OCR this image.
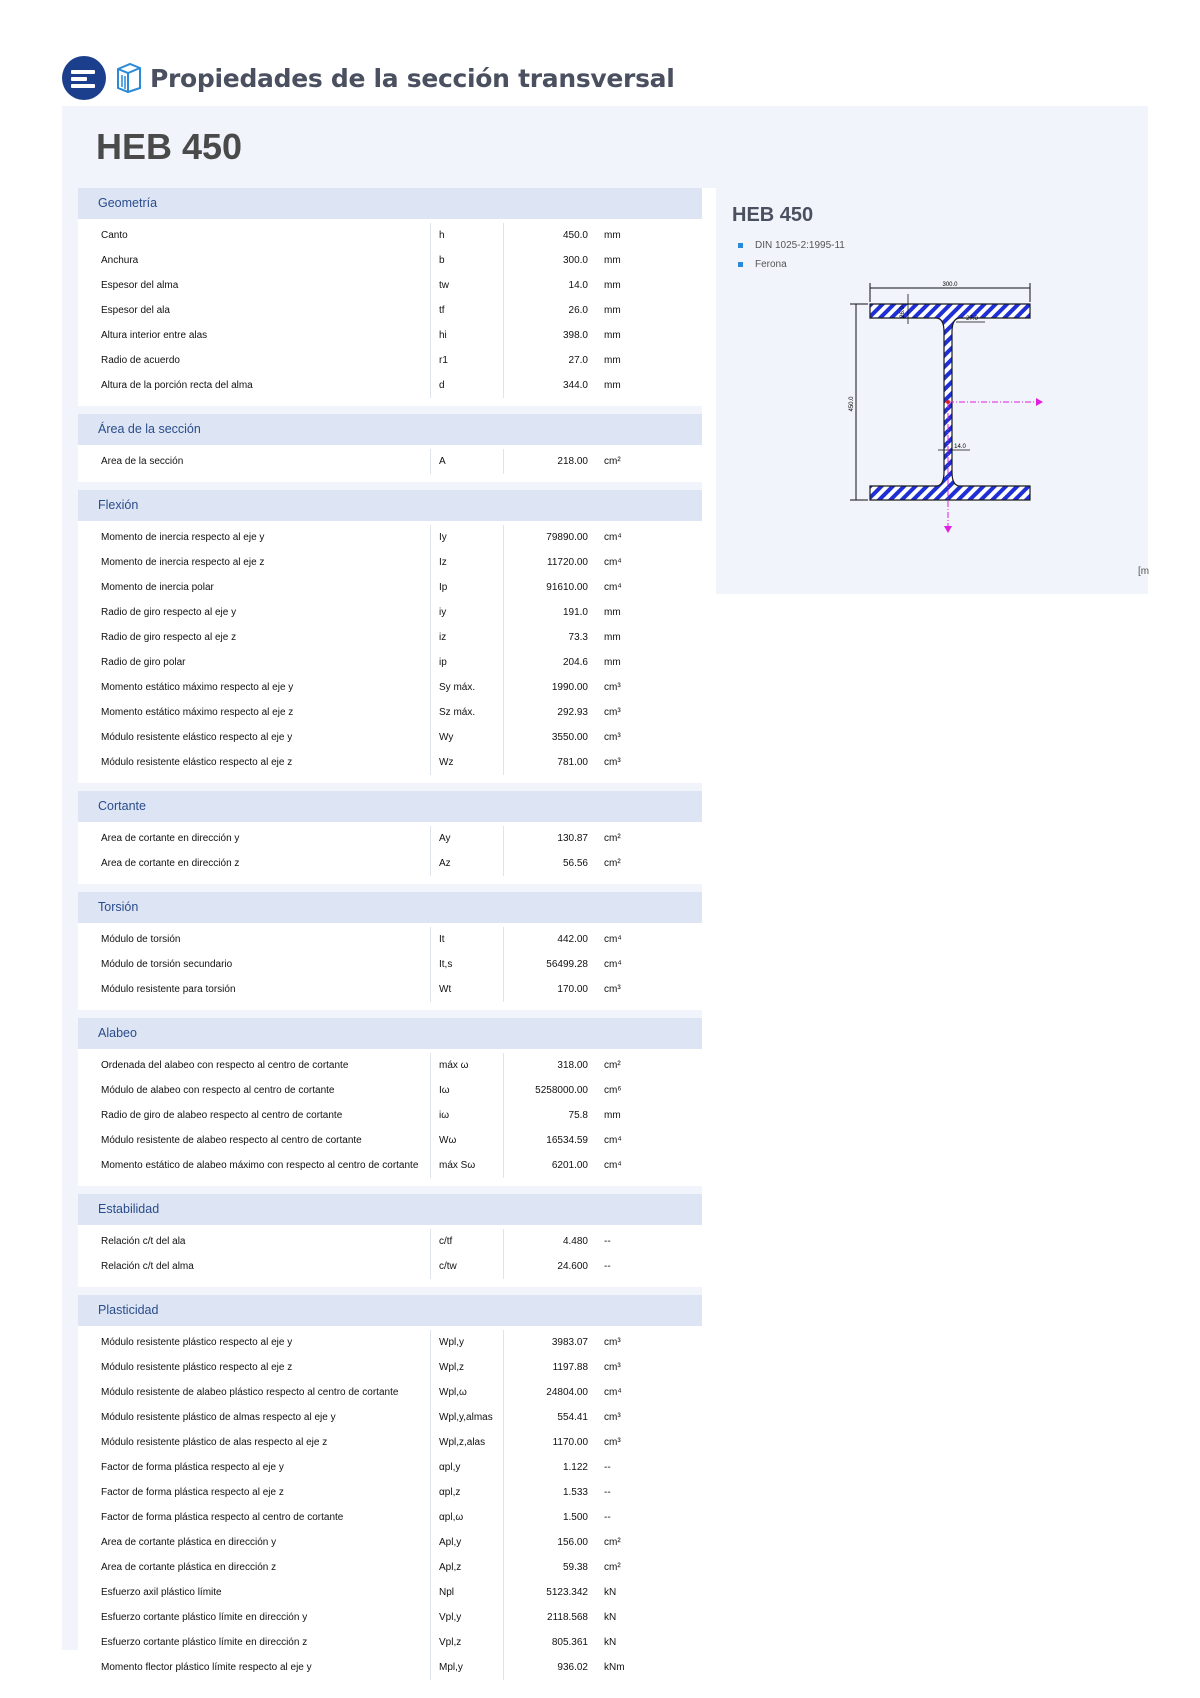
Propiedades de la sección transversal
HEB 450
Geometría
Canto	h	450.0	mm
Anchura	b	300.0	mm
Espesor del alma	tw	14.0	mm
Espesor del ala	tf	26.0	mm
Altura interior entre alas	hi	398.0	mm
Radio de acuerdo	r1	27.0	mm
Altura de la porción recta del alma	d	344.0	mm
Área de la sección
Área de la sección	A	218.00	cm²
Flexión
Momento de inercia respecto al eje y	Iy	79890.00	cm⁴
Momento de inercia respecto al eje z	Iz	11720.00	cm⁴
Momento de inercia polar	Ip	91610.00	cm⁴
Radio de giro respecto al eje y	iy	191.0	mm
Radio de giro respecto al eje z	iz	73.3	mm
Radio de giro polar	ip	204.6	mm
Momento estático máximo respecto al eje y	Sy máx.	1990.00	cm³
Momento estático máximo respecto al eje z	Sz máx.	292.93	cm³
Módulo resistente elástico respecto al eje y	Wy	3550.00	cm³
Módulo resistente elástico respecto al eje z	Wz	781.00	cm³
Cortante
Área de cortante en dirección y	Ay	130.87	cm²
Área de cortante en dirección z	Az	56.56	cm²
Torsión
Módulo de torsión	It	442.00	cm⁴
Módulo de torsión secundario	It,s	56499.28	cm⁴
Módulo resistente para torsión	Wt	170.00	cm³
Alabeo
Ordenada del alabeo con respecto al centro de cortante	máx ω	318.00	cm²
Módulo de alabeo con respecto al centro de cortante	Iω	5258000.00	cm⁶
Radio de giro de alabeo respecto al centro de cortante	iω	75.8	mm
Módulo resistente de alabeo respecto al centro de cortante	Wω	16534.59	cm⁴
Momento estático de alabeo máximo con respecto al centro de cortante	máx Sω	6201.00	cm⁴
Estabilidad
Relación c/t del ala	c/tf	4.480	--
Relación c/t del alma	c/tw	24.600	--
Plasticidad
Módulo resistente plástico respecto al eje y	Wpl,y	3983.07	cm³
Módulo resistente plástico respecto al eje z	Wpl,z	1197.88	cm³
Módulo resistente de alabeo plástico respecto al centro de cortante	Wpl,ω	24804.00	cm⁴
Módulo resistente plástico de almas respecto al eje y	Wpl,y,almas	554.41	cm³
Módulo resistente plástico de alas respecto al eje z	Wpl,z,alas	1170.00	cm³
Factor de forma plástica respecto al eje y	αpl,y	1.122	--
Factor de forma plástica respecto al eje z	αpl,z	1.533	--
Factor de forma plástica respecto al centro de cortante	αpl,ω	1.500	--
Área de cortante plástica en dirección y	Apl,y	156.00	cm²
Área de cortante plástica en dirección z	Apl,z	59.38	cm²
Esfuerzo axil plástico límite	Npl	5123.342	kN
Esfuerzo cortante plástico límite en dirección y	Vpl,y	2118.568	kN
Esfuerzo cortante plástico límite en dirección z	Vpl,z	805.361	kN
Momento flector plástico límite respecto al eje y	Mpl,y	936.02	kNm
HEB 450
DIN 1025-2:1995-11
Ferona
300.0
450.0
26.0
27.0
14.0
[m
